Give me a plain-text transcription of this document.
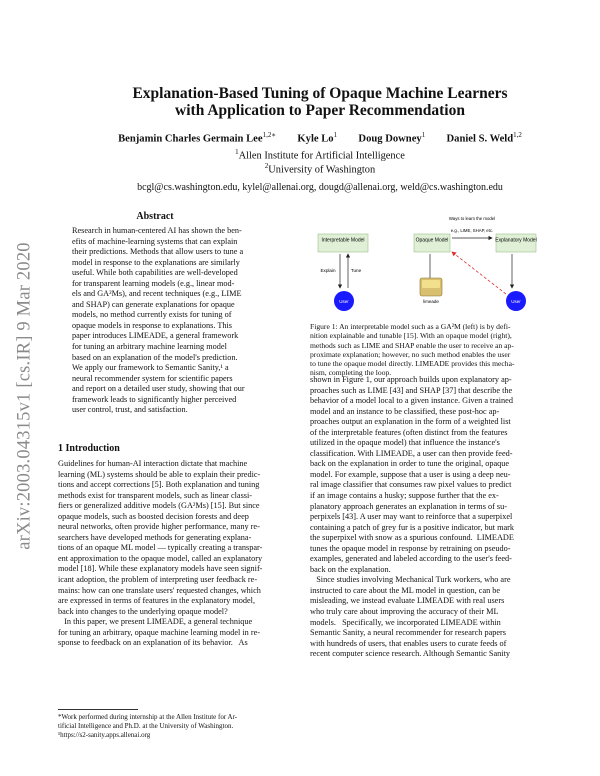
arXiv:2003.04315v1 [cs.IR] 9 Mar 2020
Explanation-Based Tuning of Opaque Machine Learners
with Application to Paper Recommendation
Benjamin Charles Germain Lee$^{1,2∗}$ Kyle Lo$^1$ Doug Downey$^1$ Daniel S. Weld$^{1,2}$
$^1$Allen Institute for Artificial Intelligence
$^2$University of Washington
bcgl@cs.washington.edu, kylel@allenai.org, dougd@allenai.org, weld@cs.washington.edu
Abstract

Research in human-centered AI has shown the ben-

efits of machine-learning systems that can explain

their predictions. Methods that allow users to tune a

model in response to the explanations are similarly

useful. While both capabilities are well-developed

for transparent learning models (e.g., linear mod-

els and GA²Ms), and recent techniques (e.g., LIME

and SHAP) can generate explanations for opaque

models, no method currently exists for tuning of

opaque models in response to explanations. This

paper introduces LIMEADE, a general framework

for tuning an arbitrary machine learning model

based on an explanation of the model's prediction.

We apply our framework to Semantic Sanity,¹ a

neural recommender system for scientific papers

and report on a detailed user study, showing that our

framework leads to significantly higher perceived

user control, trust, and satisfaction.

Interpretable Model
Explain	Tune
User
Ways to learn the model
e.g., LIME, SHAP, etc.
Opaque Model	Explanatory Model
User
limeade

Figure 1: An interpretable model such as a GA²M (left) is by defi-

nition explainable and tunable [15]. With an opaque model (right),

methods such as LIME and SHAP enable the user to receive an ap-

proximate explanation; however, no such method enables the user

to tune the opaque model directly. LIMEADE provides this mecha-

nism, completing the loop.

1 Introduction

Guidelines for human-AI interaction dictate that machine

learning (ML) systems should be able to explain their predic-

tions and accept corrections [5]. Both explanation and tuning

methods exist for transparent models, such as linear classi-

fiers or generalized additive models (GA²Ms) [15]. But since

opaque models, such as boosted decision forests and deep

neural networks, often provide higher performance, many re-

searchers have developed methods for generating explana-

tions of an opaque ML model — typically creating a transpar-

ent approximation to the opaque model, called an explanatory

model [18]. While these explanatory models have seen signif-

icant adoption, the problem of interpreting user feedback re-

mains: how can one translate users' requested changes, which

are expressed in terms of features in the explanatory model,

back into changes to the underlying opaque model?

In this paper, we present LIMEADE, a general technique

for tuning an arbitrary, opaque machine learning model in re-

sponse to feedback on an explanation of its behavior.   As

*Work performed during internship at the Allen Institute for Ar-

tificial Intelligence and Ph.D. at the University of Washington.

¹https://s2-sanity.apps.allenai.org

shown in Figure 1, our approach builds upon explanatory ap-

proaches such as LIME [43] and SHAP [37] that describe the

behavior of a model local to a given instance. Given a trained

model and an instance to be classified, these post-hoc ap-

proaches output an explanation in the form of a weighted list

of the interpretable features (often distinct from the features

utilized in the opaque model) that influence the instance's

classification. With LIMEADE, a user can then provide feed-

back on the explanation in order to tune the original, opaque

model. For example, suppose that a user is using a deep neu-

ral image classifier that consumes raw pixel values to predict

if an image contains a husky; suppose further that the ex-

planatory approach generates an explanation in terms of su-

perpixels [43]. A user may want to reinforce that a superpixel

containing a patch of grey fur is a positive indicator, but mark

the superpixel with snow as a spurious confound.  LIMEADE

tunes the opaque model in response by retraining on pseudo-

examples, generated and labeled according to the user's feed-

back on the explanation.

Since studies involving Mechanical Turk workers, who are

instructed to care about the ML model in question, can be

misleading, we instead evaluate LIMEADE with real users

who truly care about improving the accuracy of their ML

models.   Specifically, we incorporated LIMEADE within

Semantic Sanity, a neural recommender for research papers

with hundreds of users, that enables users to curate feeds of

recent computer science research. Although Semantic Sanity
